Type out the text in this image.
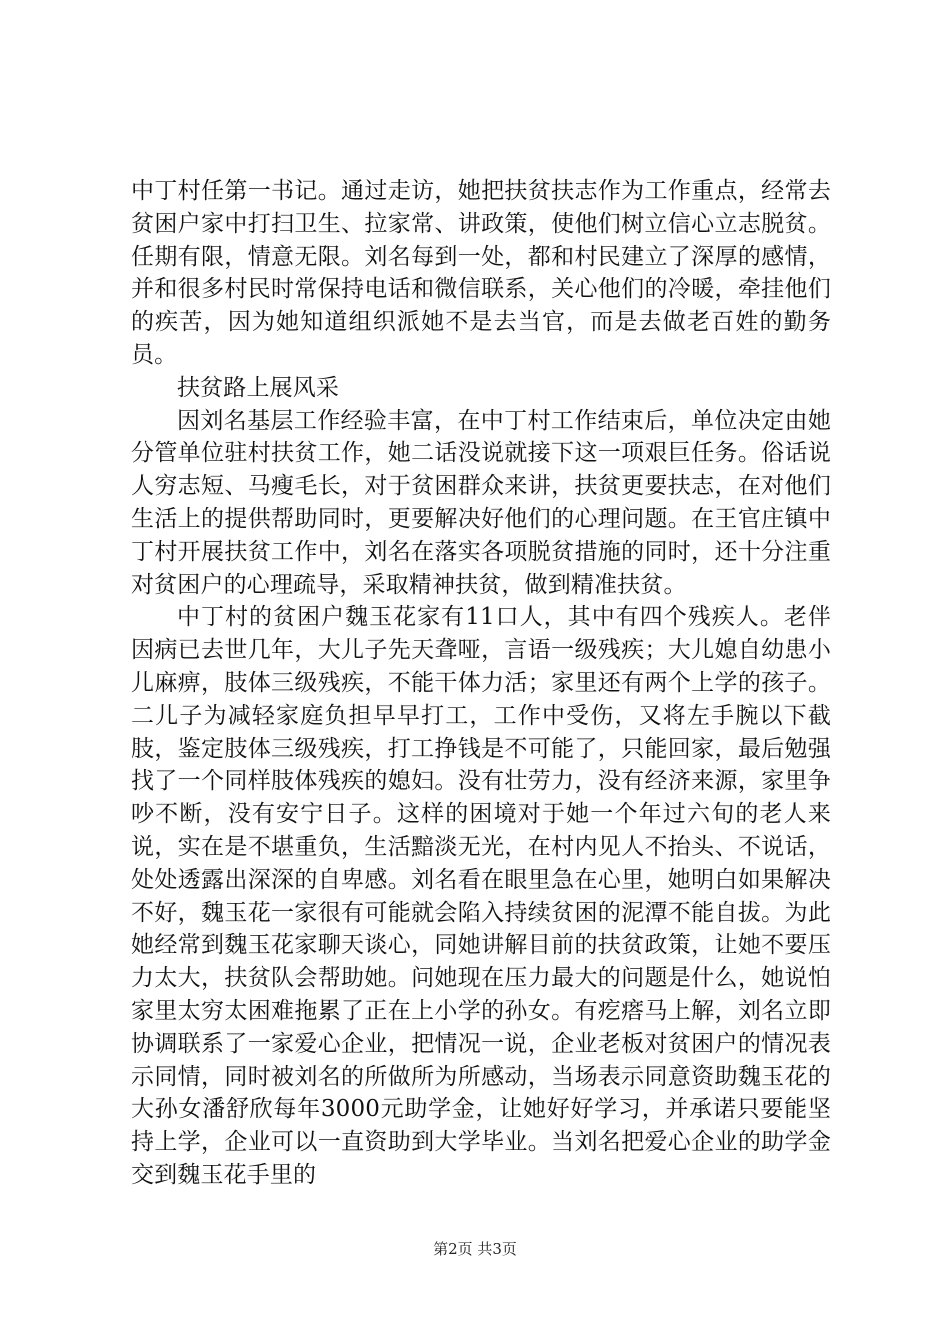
中丁村任第一书记。通过走访，她把扶贫扶志作为工作重点，经常去贫困户家中打扫卫生、拉家常、讲政策，使他们树立信心立志脱贫。任期有限，情意无限。刘名每到一处，都和村民建立了深厚的感情，并和很多村民时常保持电话和微信联系，关心他们的冷暖，牵挂他们的疾苦，因为她知道组织派她不是去当官，而是去做老百姓的勤务员。

扶贫路上展风采

因刘名基层工作经验丰富，在中丁村工作结束后，单位决定由她分管单位驻村扶贫工作，她二话没说就接下这一项艰巨任务。俗话说人穷志短、马瘦毛长，对于贫困群众来讲，扶贫更要扶志，在对他们生活上的提供帮助同时，更要解决好他们的心理问题。在王官庄镇中丁村开展扶贫工作中，刘名在落实各项脱贫措施的同时，还十分注重对贫困户的心理疏导，采取精神扶贫，做到精准扶贫。

中丁村的贫困户魏玉花家有11口人，其中有四个残疾人。老伴因病已去世几年，大儿子先天聋哑，言语一级残疾；大儿媳自幼患小儿麻痹，肢体三级残疾，不能干体力活；家里还有两个上学的孩子。二儿子为减轻家庭负担早早打工，工作中受伤，又将左手腕以下截肢，鉴定肢体三级残疾，打工挣钱是不可能了，只能回家，最后勉强找了一个同样肢体残疾的媳妇。没有壮劳力，没有经济来源，家里争吵不断，没有安宁日子。这样的困境对于她一个年过六旬的老人来说，实在是不堪重负，生活黯淡无光，在村内见人不抬头、不说话，处处透露出深深的自卑感。刘名看在眼里急在心里，她明白如果解决不好，魏玉花一家很有可能就会陷入持续贫困的泥潭不能自拔。为此她经常到魏玉花家聊天谈心，同她讲解目前的扶贫政策，让她不要压力太大，扶贫队会帮助她。问她现在压力最大的问题是什么，她说怕家里太穷太困难拖累了正在上小学的孙女。有疙瘩马上解，刘名立即协调联系了一家爱心企业，把情况一说，企业老板对贫困户的情况表示同情，同时被刘名的所做所为所感动，当场表示同意资助魏玉花的大孙女潘舒欣每年3000元助学金，让她好好学习，并承诺只要能坚持上学，企业可以一直资助到大学毕业。当刘名把爱心企业的助学金交到魏玉花手里的

第2页 共3页
